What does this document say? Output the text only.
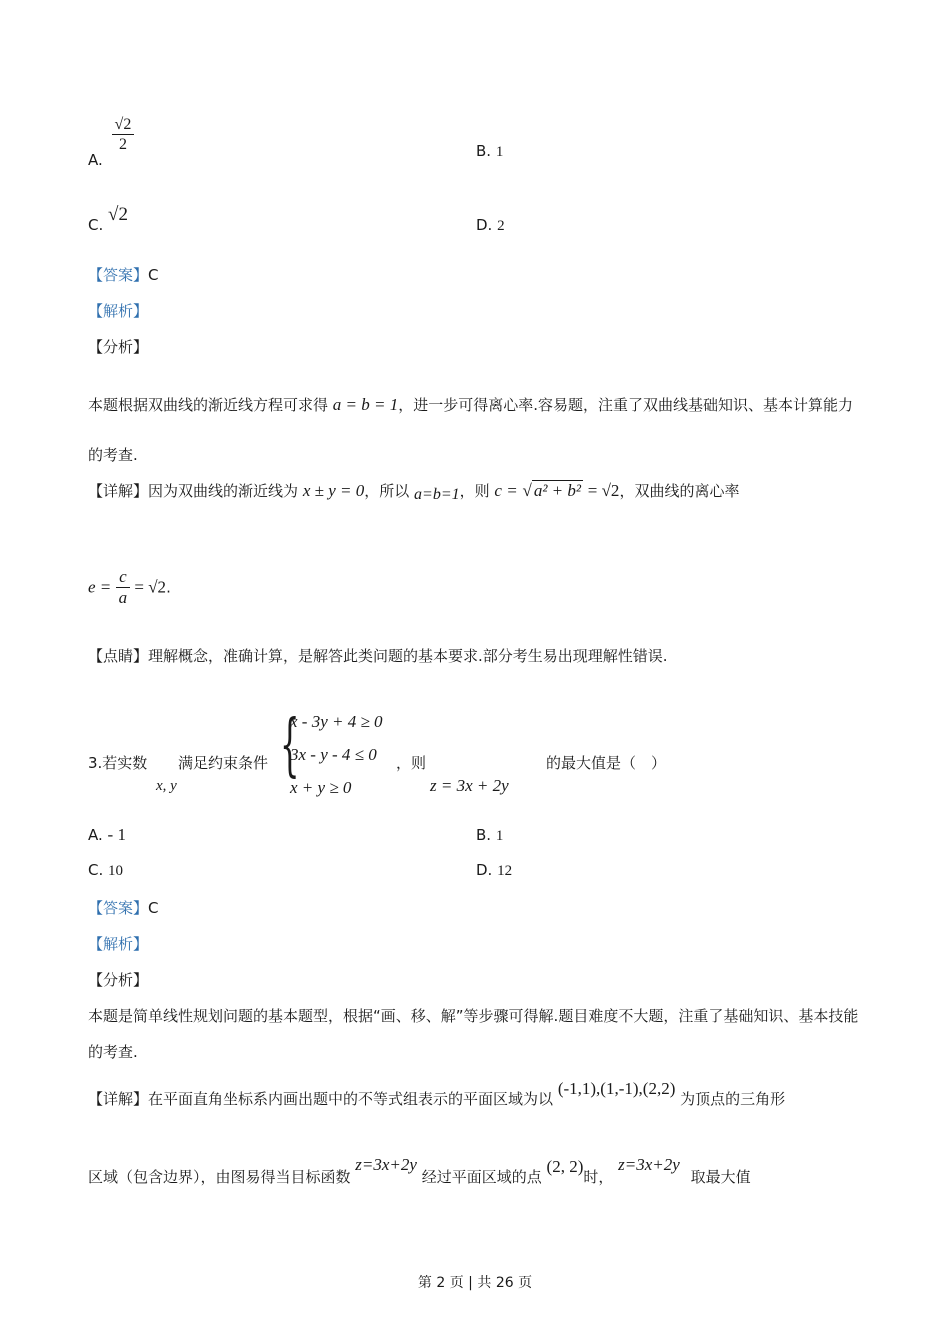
A.
$\frac{√2}{2}$	B. 1
C. √2	D. 2
【答案】C
【解析】
【分析】
本题根据双曲线的渐近线方程可求得 a = b = 1，进一步可得离心率.容易题，注重了双曲线基础知识、基本计算能力的考查.
【详解】因为双曲线的渐近线为 x ± y = 0，所以 a=b=1，则 c = √ a² + b² = √2，双曲线的离心率
$e = \frac{c}{a} = √2$.
【点睛】理解概念，准确计算，是解答此类问题的基本要求.部分考生易出现理解性错误.
3.若实数
x, y
满足约束条件 {
x - 3y + 4 ≥ 0
3x - y - 4 ≤ 0
x + y ≥ 0
，则
z = 3x + 2y
的最大值是（　）
A. - 1	B. 1
C. 10	D. 12
【答案】C
【解析】
【分析】
本题是简单线性规划问题的基本题型，根据“画、移、解”等步骤可得解.题目难度不大题，注重了基础知识、基本技能的考查.
【详解】在平面直角坐标系内画出题中的不等式组表示的平面区域为以 (-1,1),(1,-1),(2,2) 为顶点的三角形
区域（包含边界），由图易得当目标函数 z=3x+2y 经过平面区域的点 (2, 2)时， z=3x+2y 取最大值
第 2 页 | 共 26 页
